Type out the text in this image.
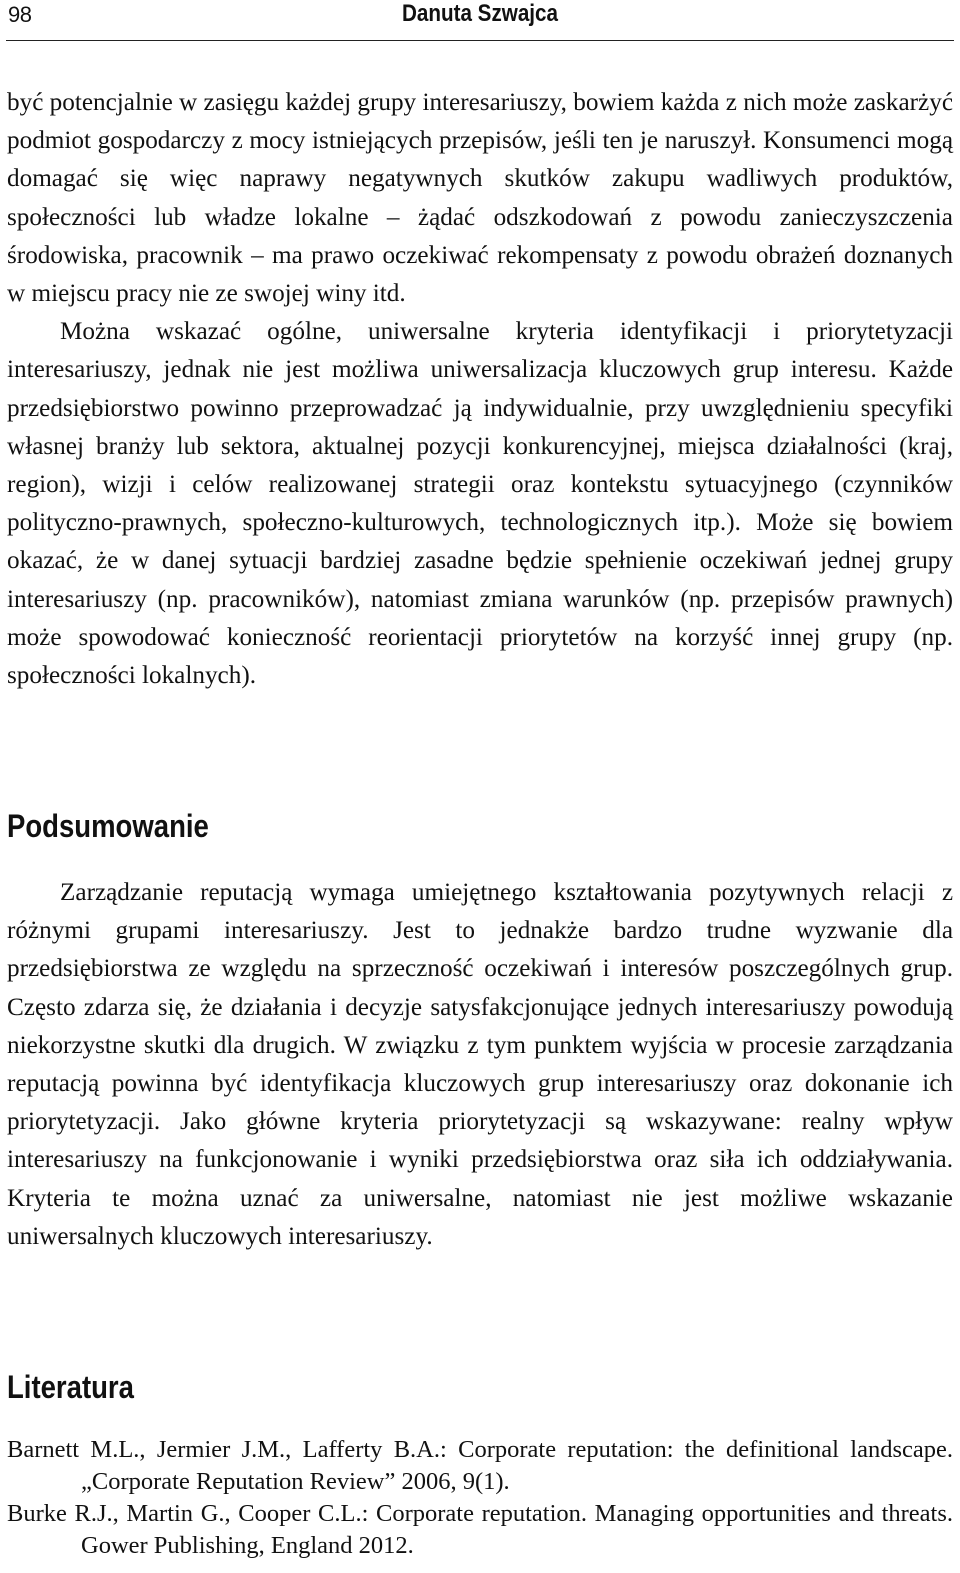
98	Danuta Szwajca

być potencjalnie w zasięgu każdej grupy interesariuszy, bowiem każda z nich może zaskarżyć podmiot gospodarczy z mocy istniejących przepisów, jeśli ten je naruszył. Konsumenci mogą domagać się więc naprawy negatywnych skutków zakupu wadliwych produktów, społeczności lub władze lokalne – żądać odszkodowań z powodu zanieczyszczenia środowiska, pracownik – ma prawo oczekiwać rekompensaty z powodu obrażeń doznanych w miejscu pracy nie ze swojej winy itd.

Można wskazać ogólne, uniwersalne kryteria identyfikacji i priorytetyzacji interesariuszy, jednak nie jest możliwa uniwersalizacja kluczowych grup interesu. Każde przedsiębiorstwo powinno przeprowadzać ją indywidualnie, przy uwzględnieniu specyfiki własnej branży lub sektora, aktualnej pozycji konkurencyjnej, miejsca działalności (kraj, region), wizji i celów realizowanej strategii oraz kontekstu sytuacyjnego (czynników polityczno-prawnych, społeczno-kulturowych, technologicznych itp.). Może się bowiem okazać, że w danej sytuacji bardziej zasadne będzie spełnienie oczekiwań jednej grupy interesariuszy (np. pracowników), natomiast zmiana warunków (np. przepisów prawnych) może spowodować konieczność reorientacji priorytetów na korzyść innej grupy (np. społeczności lokalnych).

Podsumowanie

Zarządzanie reputacją wymaga umiejętnego kształtowania pozytywnych relacji z różnymi grupami interesariuszy. Jest to jednakże bardzo trudne wyzwanie dla przedsiębiorstwa ze względu na sprzeczność oczekiwań i interesów poszczególnych grup. Często zdarza się, że działania i decyzje satysfakcjonujące jednych interesariuszy powodują niekorzystne skutki dla drugich. W związku z tym punktem wyjścia w procesie zarządzania reputacją powinna być identyfikacja kluczowych grup interesariuszy oraz dokonanie ich priorytetyzacji. Jako główne kryteria priorytetyzacji są wskazywane: realny wpływ interesariuszy na funkcjonowanie i wyniki przedsiębiorstwa oraz siła ich oddziaływania. Kryteria te można uznać za uniwersalne, natomiast nie jest możliwe wskazanie uniwersalnych kluczowych interesariuszy.

Literatura

Barnett M.L., Jermier J.M., Lafferty B.A.: Corporate reputation: the definitional landscape. „Corporate Reputation Review” 2006, 9(1).

Burke R.J., Martin G., Cooper C.L.: Corporate reputation. Managing opportunities and threats. Gower Publishing, England 2012.
